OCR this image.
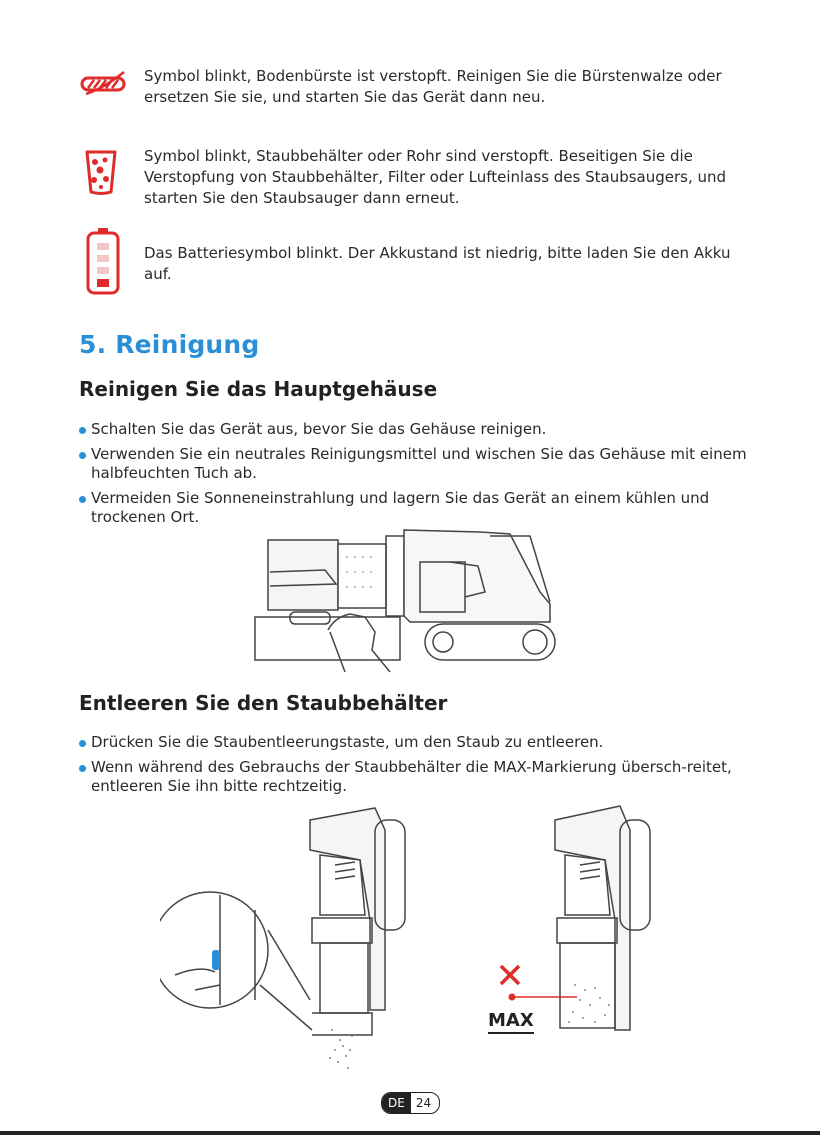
Symbol blinkt, Bodenbürste ist verstopft. Reinigen Sie die Bürstenwalze oder ersetzen Sie sie, und starten Sie das Gerät dann neu.
Symbol blinkt, Staubbehälter oder Rohr sind verstopft. Beseitigen Sie die Verstopfung von Staubbehälter, Filter oder Lufteinlass des Staubsaugers, und starten Sie den Staubsauger dann erneut.
Das Batteriesymbol blinkt. Der Akkustand ist niedrig, bitte laden Sie den Akku auf.
5. Reinigung
Reinigen Sie das Hauptgehäuse
Schalten Sie das Gerät aus, bevor Sie das Gehäuse reinigen.
Verwenden Sie ein neutrales Reinigungsmittel und wischen Sie das Gehäuse mit einem halbfeuchten Tuch ab.
Vermeiden Sie Sonneneinstrahlung und lagern Sie das Gerät an einem kühlen und trockenen Ort.
Entleeren Sie den Staubbehälter
Drücken Sie die Staubentleerungstaste, um den Staub zu entleeren.
Wenn während des Gebrauchs der Staubbehälter die MAX-Markierung übersch-reitet, entleeren Sie ihn bitte rechtzeitig.
MAX
DE 24
